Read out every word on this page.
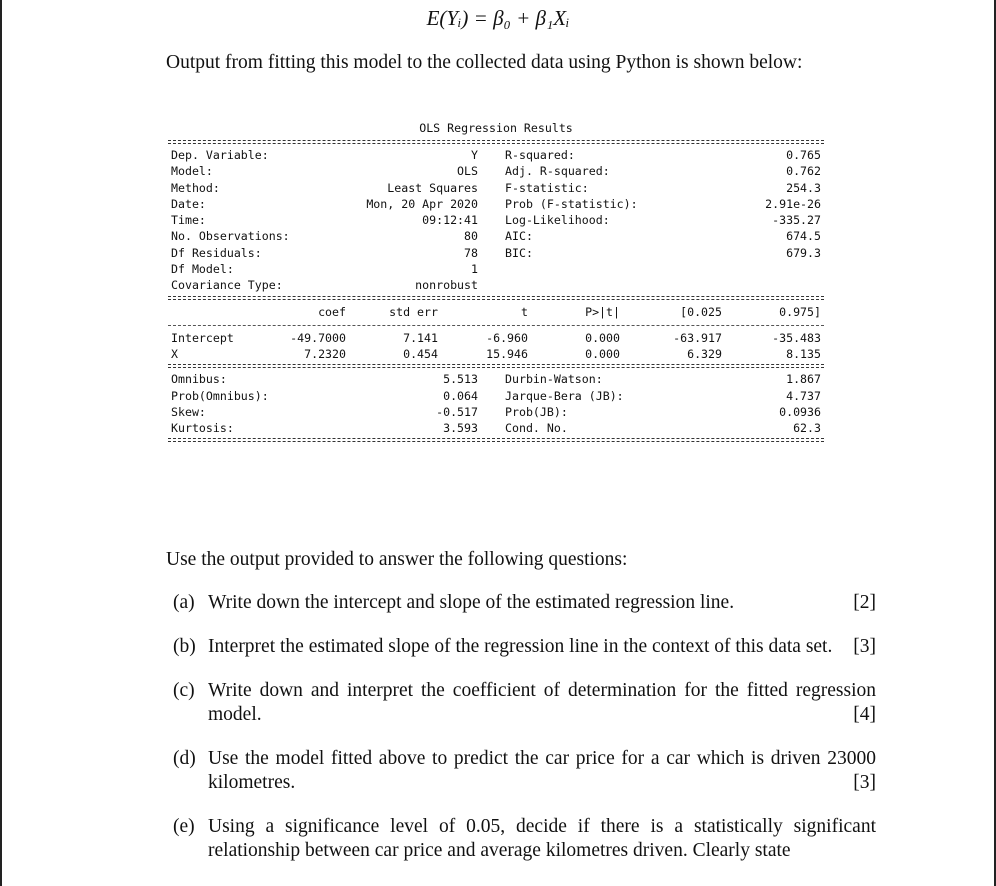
E(Yᵢ) = β₀ + β₁Xᵢ
Output from fitting this model to the collected data using Python is shown below:
OLS Regression Results
Dep. Variable:	Y R-squared:	0.765
Model:	OLS Adj. R-squared:	0.762
Method:	Least Squares F-statistic:	254.3
Date:	Mon, 20 Apr 2020 Prob (F-statistic):	2.91e-26
Time:	09:12:41 Log-Likelihood:	-335.27
No. Observations:	80 AIC:	674.5
Df Residuals:	78 BIC:	679.3
Df Model:	1
Covariance Type:	nonrobust
coef	std err	t	P>|t|	[0.025	0.975]
Intercept	-49.7000	7.141	-6.960	0.000	-63.917	-35.483
X	7.2320	0.454	15.946	0.000	6.329	8.135
Omnibus:	5.513 Durbin-Watson:	1.867
Prob(Omnibus):	0.064 Jarque-Bera (JB):	4.737
Skew:	-0.517 Prob(JB):	0.0936
Kurtosis:	3.593 Cond. No.	62.3
Use the output provided to answer the following questions:
(a)	[2]
Write down the intercept and slope of the estimated regression line.
(b) Interpret the estimated slope of the regression line in the context of this data set.	[3]
(c) Write down and interpret the coefficient of determination for the fitted regression model.	[4]
(d) Use the model fitted above to predict the car price for a car which is driven 23000 kilometres.	[3]
(e) Using a significance level of 0.05, decide if there is a statistically significant relationship between car price and average kilometres driven. Clearly state
